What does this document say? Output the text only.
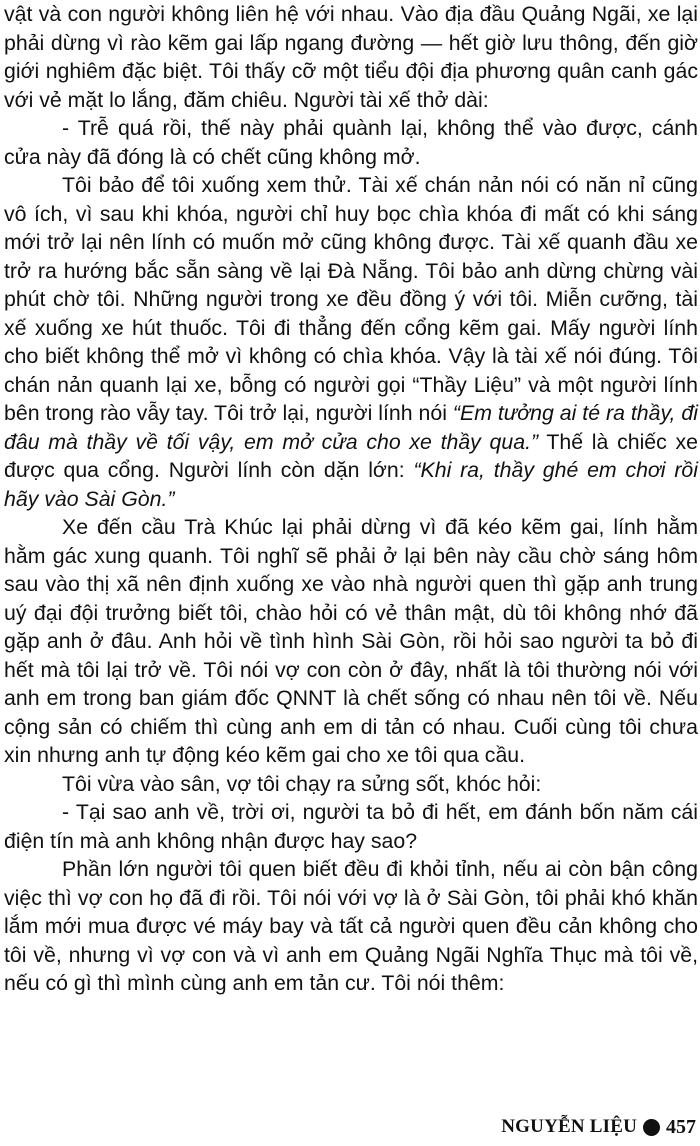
vật và con người không liên hệ với nhau. Vào địa đầu Quảng Ngãi, xe lại phải dừng vì rào kẽm gai lấp ngang đường — hết giờ lưu thông, đến giờ giới nghiêm đặc biệt. Tôi thấy cỡ một tiểu đội địa phương quân canh gác với vẻ mặt lo lắng, đăm chiêu. Người tài xế thở dài:

- Trễ quá rồi, thế này phải quành lại, không thể vào được, cánh cửa này đã đóng là có chết cũng không mở.

Tôi bảo để tôi xuống xem thử. Tài xế chán nản nói có năn nỉ cũng vô ích, vì sau khi khóa, người chỉ huy bọc chìa khóa đi mất có khi sáng mới trở lại nên lính có muốn mở cũng không được. Tài xế quanh đầu xe trở ra hướng bắc sẵn sàng về lại Đà Nẵng. Tôi bảo anh dừng chừng vài phút chờ tôi. Những người trong xe đều đồng ý với tôi. Miễn cưỡng, tài xế xuống xe hút thuốc. Tôi đi thẳng đến cổng kẽm gai. Mấy người lính cho biết không thể mở vì không có chìa khóa. Vậy là tài xế nói đúng. Tôi chán nản quanh lại xe, bỗng có người gọi “Thầy Liệu” và một người lính bên trong rào vẫy tay. Tôi trở lại, người lính nói “Em tưởng ai té ra thầy, đi đâu mà thầy về tối vậy, em mở cửa cho xe thầy qua.” Thế là chiếc xe được qua cổng. Người lính còn dặn lớn: “Khi ra, thầy ghé em chơi rồi hãy vào Sài Gòn.”

Xe đến cầu Trà Khúc lại phải dừng vì đã kéo kẽm gai, lính hằm hằm gác xung quanh. Tôi nghĩ sẽ phải ở lại bên này cầu chờ sáng hôm sau vào thị xã nên định xuống xe vào nhà người quen thì gặp anh trung uý đại đội trưởng biết tôi, chào hỏi có vẻ thân mật, dù tôi không nhớ đã gặp anh ở đâu. Anh hỏi về tình hình Sài Gòn, rồi hỏi sao người ta bỏ đi hết mà tôi lại trở về. Tôi nói vợ con còn ở đây, nhất là tôi thường nói với anh em trong ban giám đốc QNNT là chết sống có nhau nên tôi về. Nếu cộng sản có chiếm thì cùng anh em di tản có nhau. Cuối cùng tôi chưa xin nhưng anh tự động kéo kẽm gai cho xe tôi qua cầu.

Tôi vừa vào sân, vợ tôi chạy ra sửng sốt, khóc hỏi:

- Tại sao anh về, trời ơi, người ta bỏ đi hết, em đánh bốn năm cái điện tín mà anh không nhận được hay sao?

Phần lớn người tôi quen biết đều đi khỏi tỉnh, nếu ai còn bận công việc thì vợ con họ đã đi rồi. Tôi nói với vợ là ở Sài Gòn, tôi phải khó khăn lắm mới mua được vé máy bay và tất cả người quen đều cản không cho tôi về, nhưng vì vợ con và vì anh em Quảng Ngãi Nghĩa Thục mà tôi về, nếu có gì thì mình cùng anh em tản cư. Tôi nói thêm:

NGUYỄN LIỆU 457
